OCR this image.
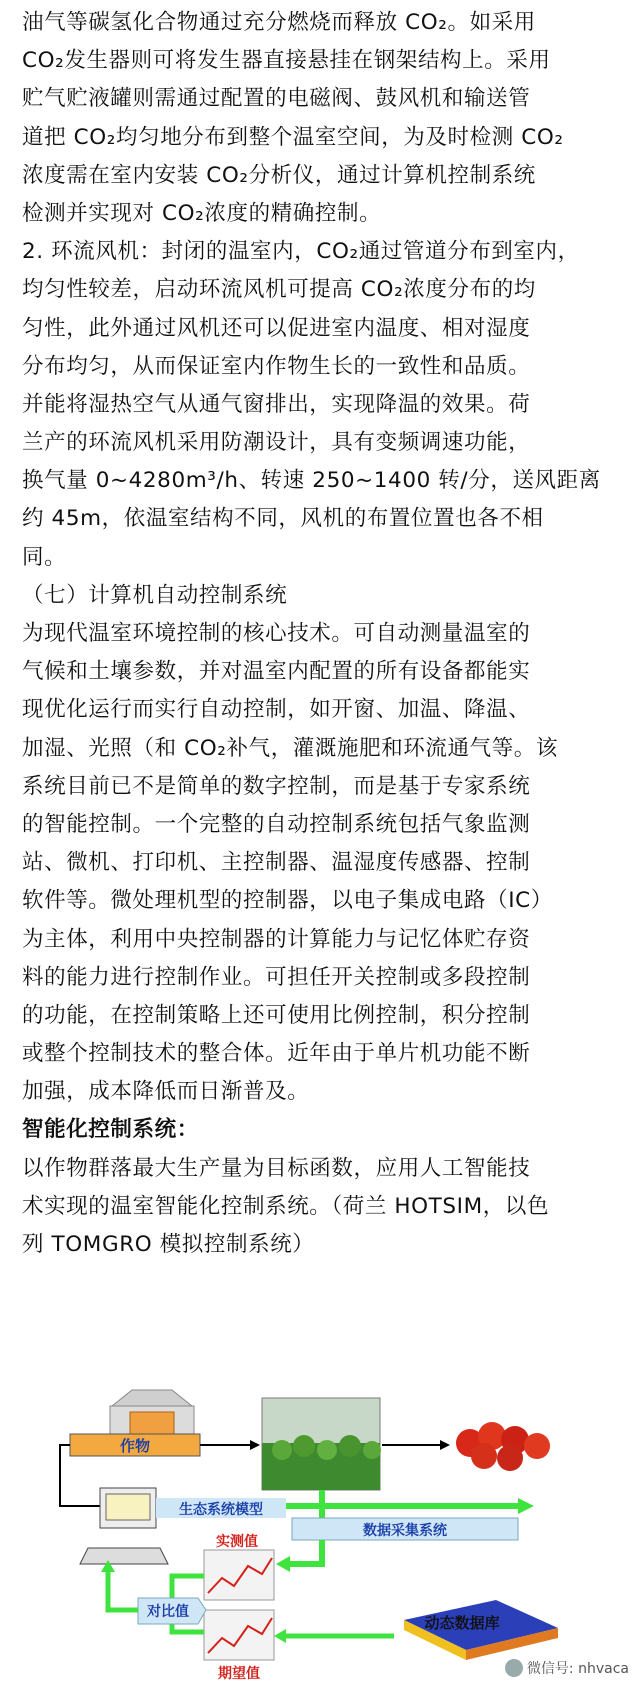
油气等碳氢化合物通过充分燃烧而释放 CO₂。如采用
CO₂发生器则可将发生器直接悬挂在钢架结构上。采用
贮气贮液罐则需通过配置的电磁阀、鼓风机和输送管
道把 CO₂均匀地分布到整个温室空间，为及时检测 CO₂
浓度需在室内安装 CO₂分析仪，通过计算机控制系统
检测并实现对 CO₂浓度的精确控制。
2. 环流风机：封闭的温室内，CO₂通过管道分布到室内，
均匀性较差，启动环流风机可提高 CO₂浓度分布的均
匀性，此外通过风机还可以促进室内温度、相对湿度
分布均匀，从而保证室内作物生长的一致性和品质。
并能将湿热空气从通气窗排出，实现降温的效果。荷
兰产的环流风机采用防潮设计，具有变频调速功能，
换气量 0~4280m³/h、转速 250~1400 转/分，送风距离
约 45m，依温室结构不同，风机的布置位置也各不相
同。
（七）计算机自动控制系统
为现代温室环境控制的核心技术。可自动测量温室的
气候和土壤参数，并对温室内配置的所有设备都能实
现优化运行而实行自动控制，如开窗、加温、降温、
加湿、光照（和 CO₂补气，灌溉施肥和环流通气等。该
系统目前已不是简单的数字控制，而是基于专家系统
的智能控制。一个完整的自动控制系统包括气象监测
站、微机、打印机、主控制器、温湿度传感器、控制
软件等。微处理机型的控制器，以电子集成电路（IC）
为主体，利用中央控制器的计算能力与记忆体贮存资
料的能力进行控制作业。可担任开关控制或多段控制
的功能，在控制策略上还可使用比例控制，积分控制
或整个控制技术的整合体。近年由于单片机功能不断
加强，成本降低而日渐普及。
智能化控制系统：
以作物群落最大生产量为目标函数，应用人工智能技
术实现的温室智能化控制系统。（荷兰 HOTSIM，以色
列 TOMGRO 模拟控制系统）
作物
生态系统模型
数据采集系统
实测值
期望值
对比值
动态数据库
微信号: nhvaca
